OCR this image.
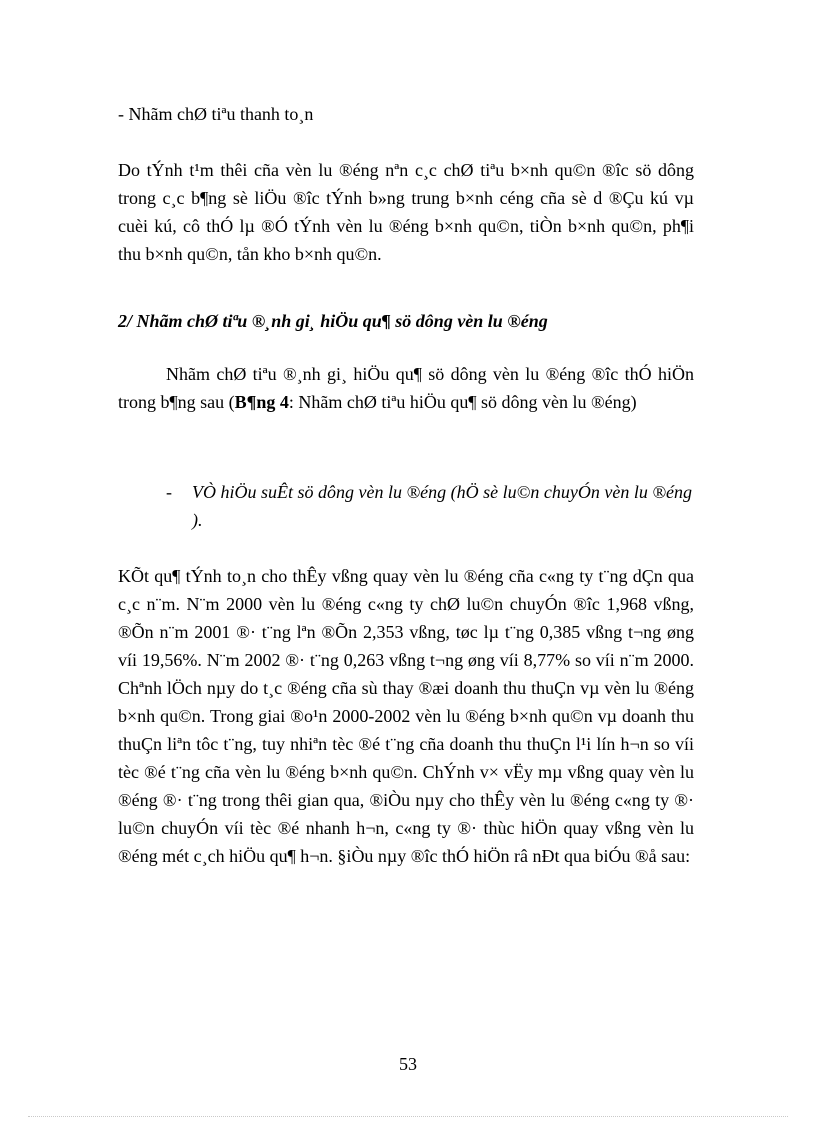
- Nhãm chØ tiªu thanh to¸n
Do tÝnh t¹m thêi cña vèn lu ®éng nªn c¸c chØ tiªu b×nh qu©n ®îc sö dông trong c¸c b¶ng sè liÖu ®îc tÝnh b»ng trung b×nh céng cña sè d ®Çu kú vµ cuèi kú, cô thÓ lµ ®Ó tÝnh vèn lu ®éng b×nh qu©n, tiÒn b×nh qu©n, ph¶i thu b×nh qu©n, tån kho b×nh qu©n.
2/ Nhãm chØ tiªu ®¸nh gi¸ hiÖu qu¶ sö dông vèn lu ®éng
Nhãm chØ tiªu ®¸nh gi¸ hiÖu qu¶ sö dông vèn lu ®éng ®îc thÓ hiÖn trong b¶ng sau (B¶ng 4: Nhãm chØ tiªu hiÖu qu¶ sö dông vèn lu ®éng)
- VÒ hiÖu suÊt sö dông vèn lu ®éng (hÖ sè lu©n chuyÓn vèn lu ®éng ).
KÕt qu¶ tÝnh to¸n cho thÊy vßng quay vèn lu ®éng cña c«ng ty t¨ng dÇn qua c¸c n¨m. N¨m 2000 vèn lu ®éng c«ng ty chØ lu©n chuyÓn ®îc 1,968 vßng, ®Õn n¨m 2001 ®· t¨ng lªn ®Õn 2,353 vßng, tøc lµ t¨ng 0,385 vßng t¬ng øng víi 19,56%. N¨m 2002 ®· t¨ng 0,263 vßng t¬ng øng víi 8,77% so víi n¨m 2000. Chªnh lÖch nµy do t¸c ®éng cña sù thay ®æi doanh thu thuÇn vµ vèn lu ®éng b×nh qu©n. Trong giai ®o¹n 2000-2002 vèn lu ®éng b×nh qu©n vµ doanh thu thuÇn liªn tôc t¨ng, tuy nhiªn tèc ®é t¨ng cña doanh thu thuÇn l¹i lín h¬n so víi tèc ®é t¨ng cña vèn lu ®éng b×nh qu©n. ChÝnh v× vËy mµ vßng quay vèn lu ®éng ®· t¨ng trong thêi gian qua, ®iÒu nµy cho thÊy vèn lu ®éng c«ng ty ®· lu©n chuyÓn víi tèc ®é nhanh h¬n, c«ng ty ®· thùc hiÖn quay vßng vèn lu ®éng mét c¸ch hiÖu qu¶ h¬n. §iÒu nµy ®îc thÓ hiÖn râ nÐt qua biÓu ®å sau:
53
